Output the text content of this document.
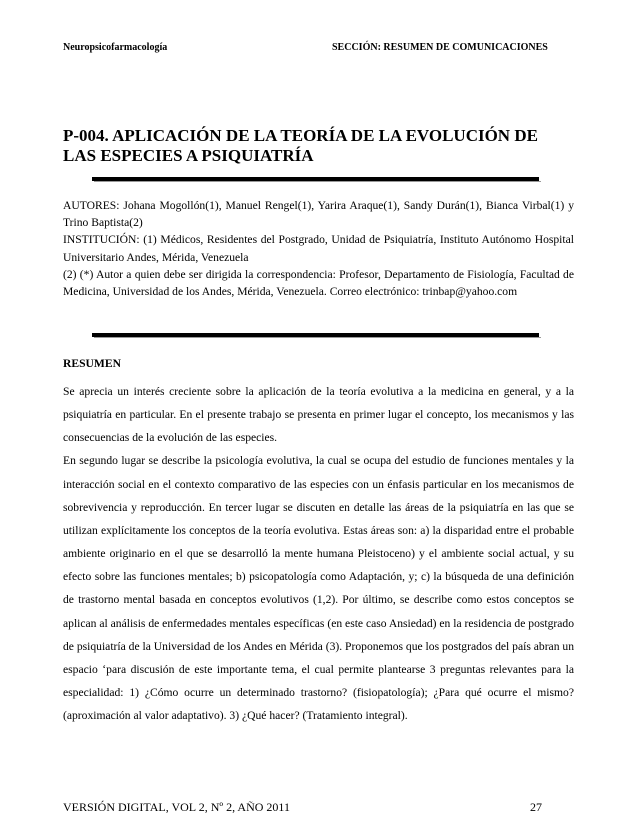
Neuropsicofarmacología	SECCIÓN: RESUMEN DE COMUNICACIONES
P-004. APLICACIÓN DE LA TEORÍA DE LA EVOLUCIÓN DE LAS ESPECIES A PSIQUIATRÍA

AUTORES: Johana Mogollón(1), Manuel Rengel(1), Yarira Araque(1), Sandy Durán(1), Bianca Virbal(1) y Trino Baptista(2)

INSTITUCIÓN: (1) Médicos, Residentes del Postgrado, Unidad de Psiquiatría, Instituto Autónomo Hospital Universitario Andes, Mérida, Venezuela

(2) (*) Autor a quien debe ser dirigida la correspondencia: Profesor, Departamento de Fisiología, Facultad de Medicina, Universidad de los Andes, Mérida, Venezuela. Correo electrónico: trinbap@yahoo.com

RESUMEN

Se aprecia un interés creciente sobre la aplicación de la teoría evolutiva a la medicina en general, y a la psiquiatría en particular. En el presente trabajo se presenta en primer lugar el concepto, los mecanismos y las consecuencias de la evolución de las especies.

En segundo lugar se describe la psicología evolutiva, la cual se ocupa del estudio de funciones mentales y la interacción social en el contexto comparativo de las especies con un énfasis particular en los mecanismos de sobrevivencia y reproducción. En tercer lugar se discuten en detalle las áreas de la psiquiatría en las que se utilizan explícitamente los conceptos de la teoría evolutiva. Estas áreas son: a) la disparidad entre el probable ambiente originario en el que se desarrolló la mente humana Pleistoceno) y el ambiente social actual, y su efecto sobre las funciones mentales; b) psicopatología como Adaptación, y; c) la búsqueda de una definición de trastorno mental basada en conceptos evolutivos (1,2). Por último, se describe como estos conceptos se aplican al análisis de enfermedades mentales específicas (en este caso Ansiedad) en la residencia de postgrado de psiquiatría de la Universidad de los Andes en Mérida (3). Proponemos que los postgrados del país abran un espacio ‘para discusión de este importante tema, el cual permite plantearse 3 preguntas relevantes para la especialidad: 1) ¿Cómo ocurre un determinado trastorno? (fisiopatología); ¿Para qué ocurre el mismo? (aproximación al valor adaptativo). 3) ¿Qué hacer? (Tratamiento integral).

VERSIÓN DIGITAL, VOL 2, Nº 2, AÑO 2011	27
